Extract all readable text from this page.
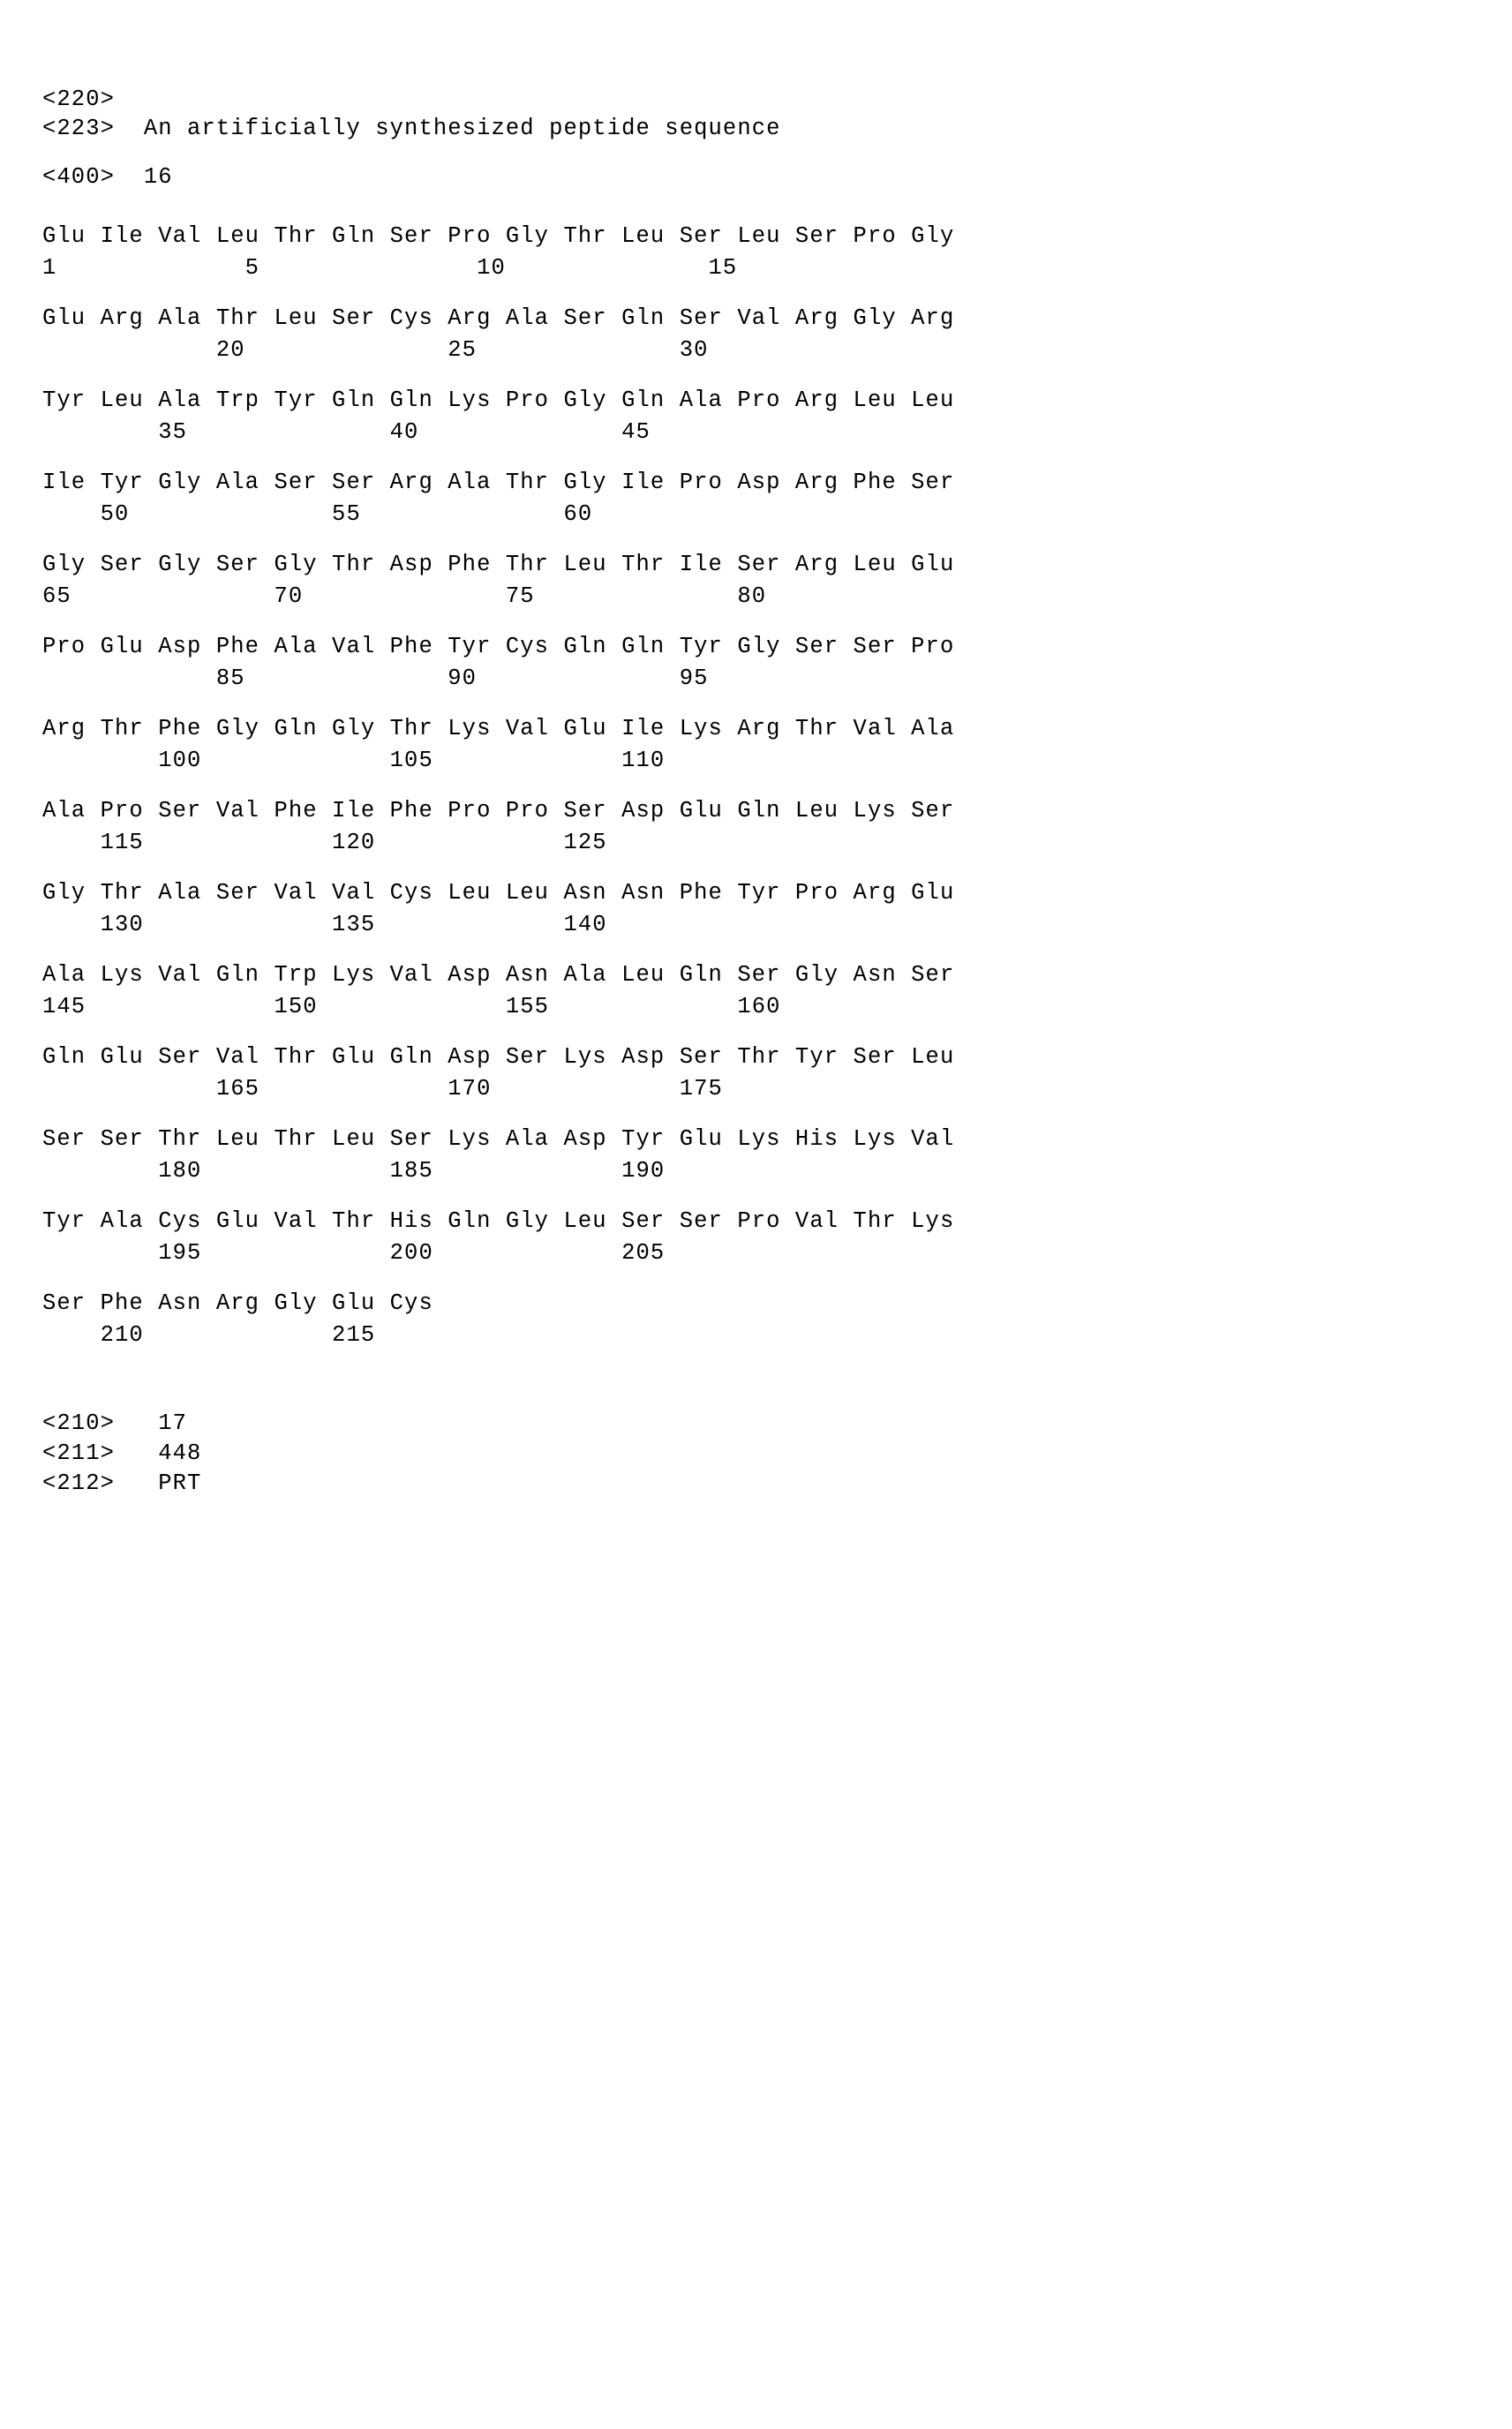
<220>
<223>  An artificially synthesized peptide sequence
<400>  16
Glu Ile Val Leu Thr Gln Ser Pro Gly Thr Leu Ser Leu Ser Pro Gly
1             5               10              15
Glu Arg Ala Thr Leu Ser Cys Arg Ala Ser Gln Ser Val Arg Gly Arg
20              25              30
Tyr Leu Ala Trp Tyr Gln Gln Lys Pro Gly Gln Ala Pro Arg Leu Leu
35              40              45
Ile Tyr Gly Ala Ser Ser Arg Ala Thr Gly Ile Pro Asp Arg Phe Ser
50              55              60
Gly Ser Gly Ser Gly Thr Asp Phe Thr Leu Thr Ile Ser Arg Leu Glu
65              70              75              80
Pro Glu Asp Phe Ala Val Phe Tyr Cys Gln Gln Tyr Gly Ser Ser Pro
85              90              95
Arg Thr Phe Gly Gln Gly Thr Lys Val Glu Ile Lys Arg Thr Val Ala
100             105             110
Ala Pro Ser Val Phe Ile Phe Pro Pro Ser Asp Glu Gln Leu Lys Ser
115             120             125
Gly Thr Ala Ser Val Val Cys Leu Leu Asn Asn Phe Tyr Pro Arg Glu
130             135             140
Ala Lys Val Gln Trp Lys Val Asp Asn Ala Leu Gln Ser Gly Asn Ser
145             150             155             160
Gln Glu Ser Val Thr Glu Gln Asp Ser Lys Asp Ser Thr Tyr Ser Leu
165             170             175
Ser Ser Thr Leu Thr Leu Ser Lys Ala Asp Tyr Glu Lys His Lys Val
180             185             190
Tyr Ala Cys Glu Val Thr His Gln Gly Leu Ser Ser Pro Val Thr Lys
195             200             205
Ser Phe Asn Arg Gly Glu Cys
210             215
<210>   17
<211>   448
<212>   PRT
